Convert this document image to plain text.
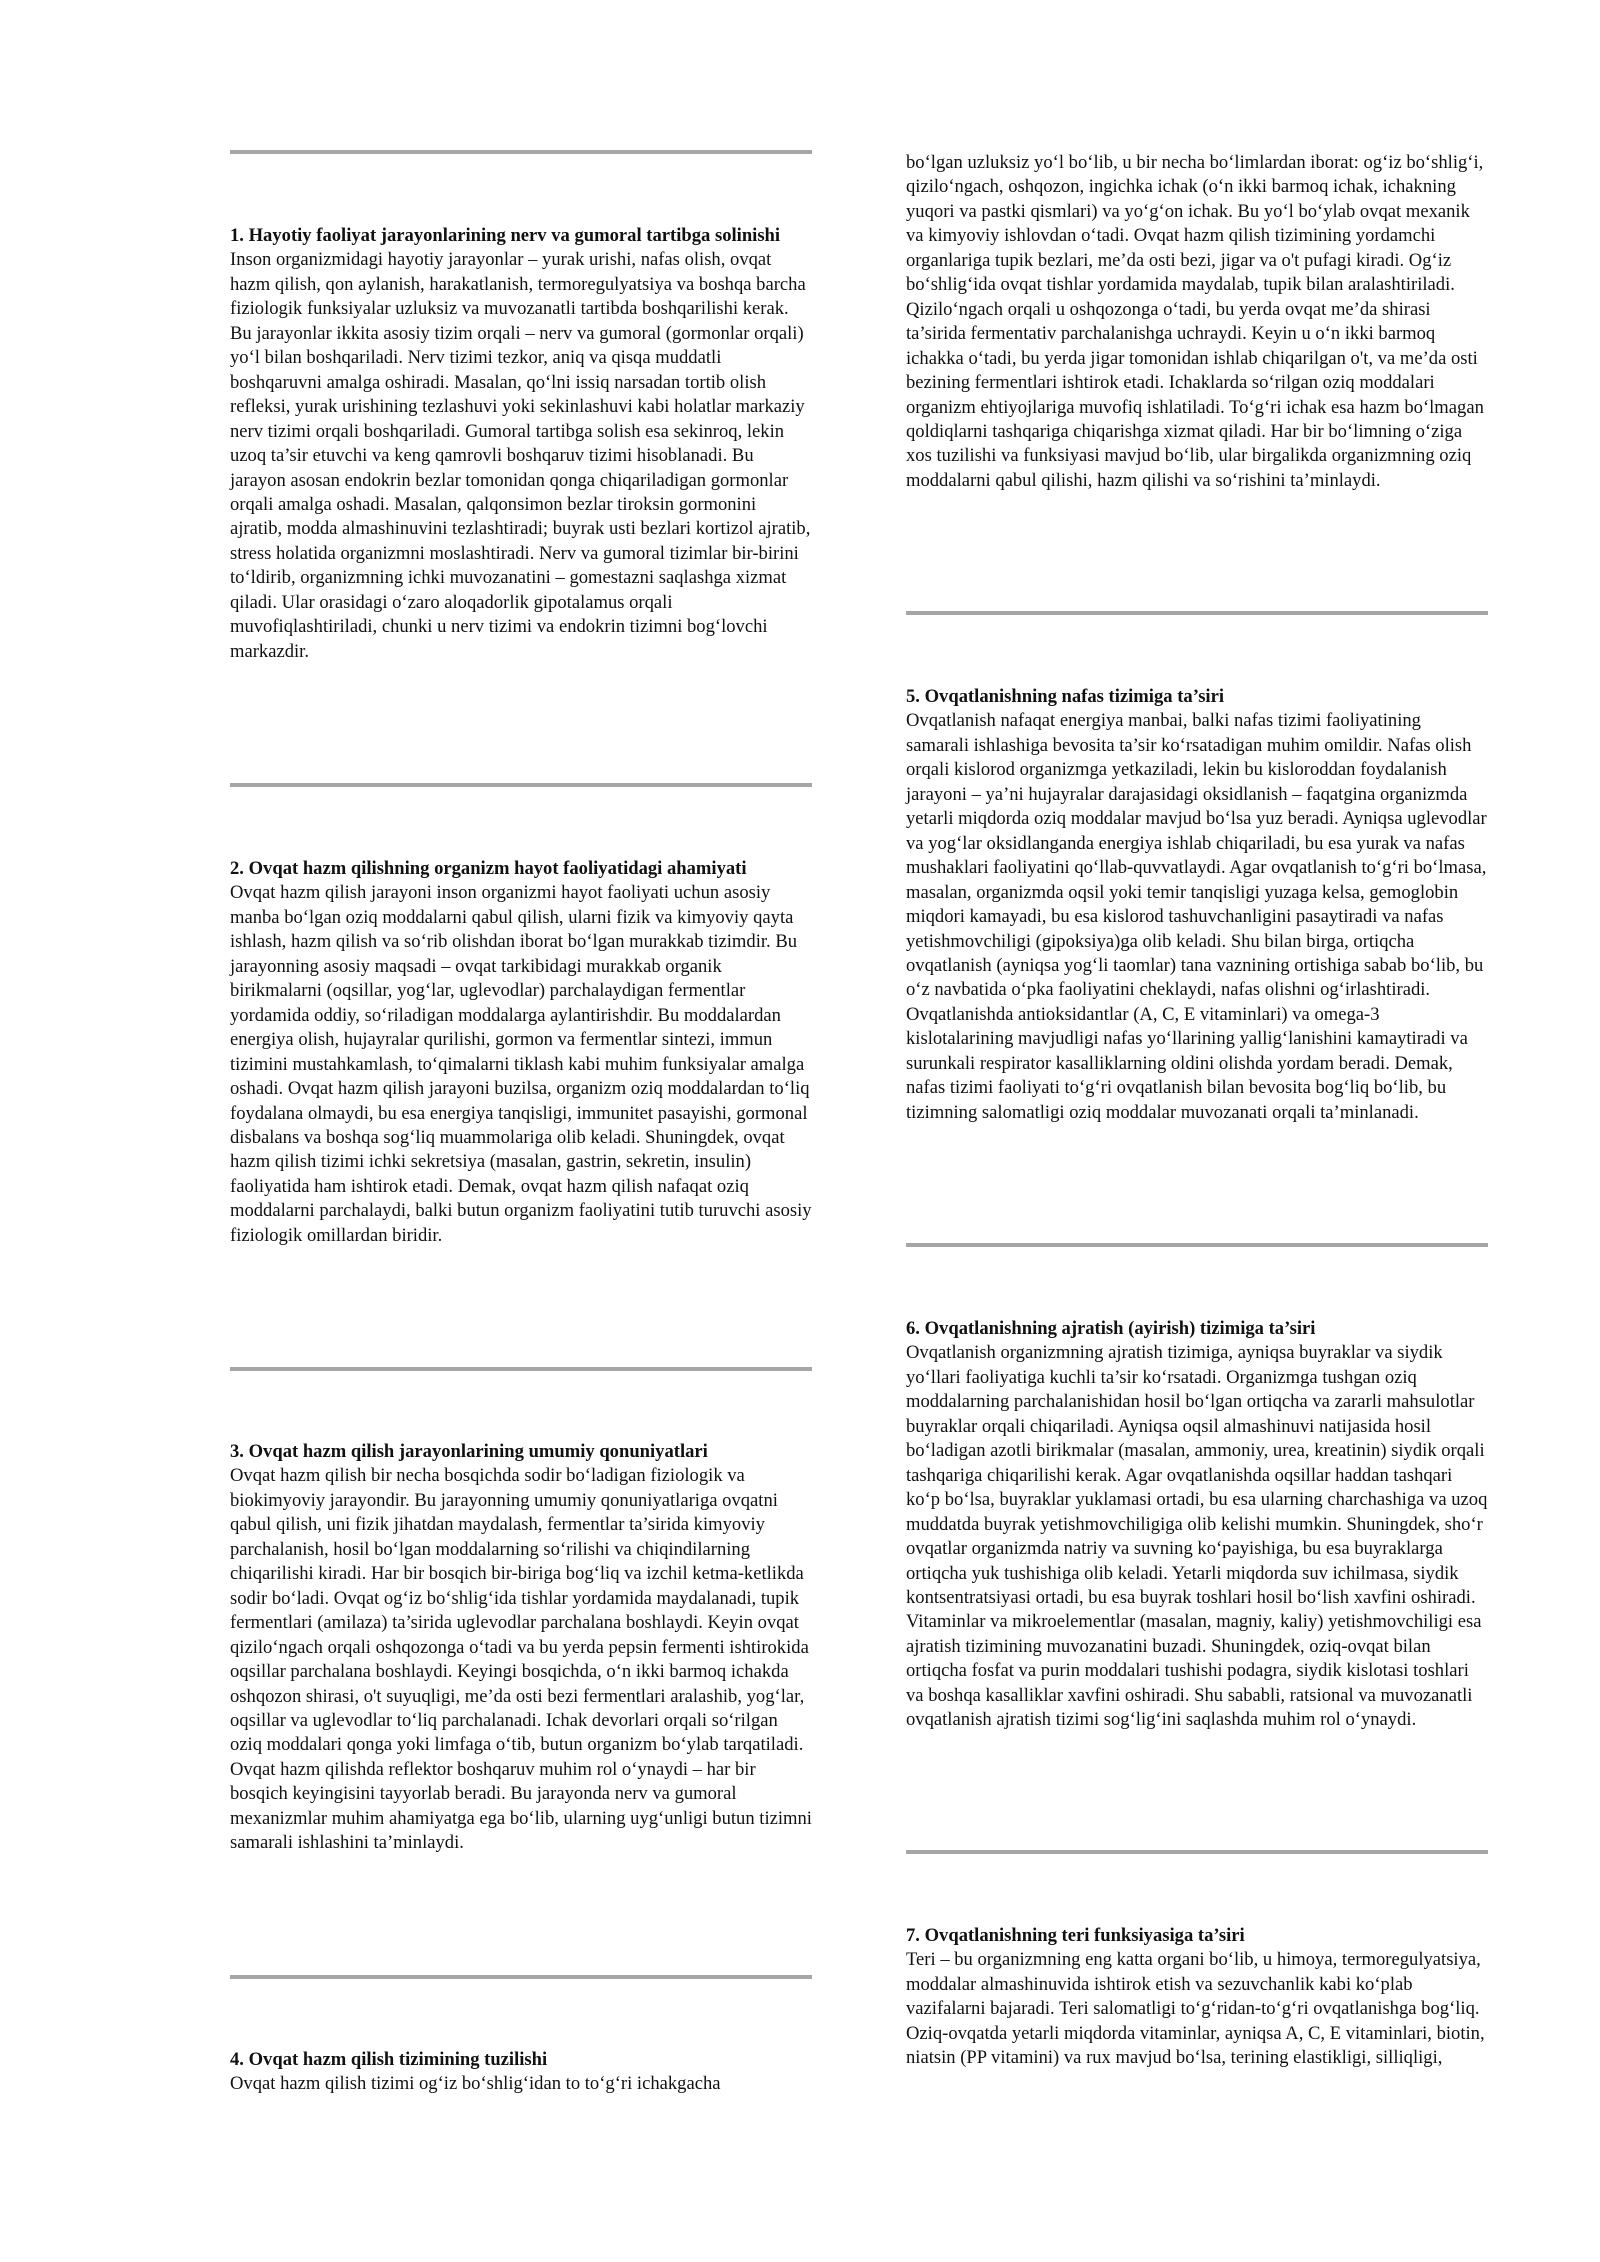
1. Hayotiy faoliyat jarayonlarining nerv va gumoral tartibga solinishi
Inson organizmidagi hayotiy jarayonlar – yurak urishi, nafas olish, ovqat hazm qilish, qon aylanish, harakatlanish, termoregulyatsiya va boshqa barcha fiziologik funksiyalar uzluksiz va muvozanatli tartibda boshqarilishi kerak. Bu jarayonlar ikkita asosiy tizim orqali – nerv va gumoral (gormonlar orqali) yo‘l bilan boshqariladi. Nerv tizimi tezkor, aniq va qisqa muddatli boshqaruvni amalga oshiradi. Masalan, qo‘lni issiq narsadan tortib olish refleksi, yurak urishining tezlashuvi yoki sekinlashuvi kabi holatlar markaziy nerv tizimi orqali boshqariladi. Gumoral tartibga solish esa sekinroq, lekin uzoq ta’sir etuvchi va keng qamrovli boshqaruv tizimi hisoblanadi. Bu jarayon asosan endokrin bezlar tomonidan qonga chiqariladigan gormonlar orqali amalga oshadi. Masalan, qalqonsimon bezlar tiroksin gormonini ajratib, modda almashinuvini tezlashtiradi; buyrak usti bezlari kortizol ajratib, stress holatida organizmni moslashtiradi. Nerv va gumoral tizimlar bir-birini to‘ldirib, organizmning ichki muvozanatini – gomestazni saqlashga xizmat qiladi. Ular orasidagi o‘zaro aloqadorlik gipotalamus orqali muvofiqlashtiriladi, chunki u nerv tizimi va endokrin tizimni bog‘lovchi markazdir.

2. Ovqat hazm qilishning organizm hayot faoliyatidagi ahamiyati
Ovqat hazm qilish jarayoni inson organizmi hayot faoliyati uchun asosiy manba bo‘lgan oziq moddalarni qabul qilish, ularni fizik va kimyoviy qayta ishlash, hazm qilish va so‘rib olishdan iborat bo‘lgan murakkab tizimdir. Bu jarayonning asosiy maqsadi – ovqat tarkibidagi murakkab organik birikmalarni (oqsillar, yog‘lar, uglevodlar) parchalaydigan fermentlar yordamida oddiy, so‘riladigan moddalarga aylantirishdir. Bu moddalardan energiya olish, hujayralar qurilishi, gormon va fermentlar sintezi, immun tizimini mustahkamlash, to‘qimalarni tiklash kabi muhim funksiyalar amalga oshadi. Ovqat hazm qilish jarayoni buzilsa, organizm oziq moddalardan to‘liq foydalana olmaydi, bu esa energiya tanqisligi, immunitet pasayishi, gormonal disbalans va boshqa sog‘liq muammolariga olib keladi. Shuningdek, ovqat hazm qilish tizimi ichki sekretsiya (masalan, gastrin, sekretin, insulin) faoliyatida ham ishtirok etadi. Demak, ovqat hazm qilish nafaqat oziq moddalarni parchalaydi, balki butun organizm faoliyatini tutib turuvchi asosiy fiziologik omillardan biridir.

3. Ovqat hazm qilish jarayonlarining umumiy qonuniyatlari
Ovqat hazm qilish bir necha bosqichda sodir bo‘ladigan fiziologik va biokimyoviy jarayondir. Bu jarayonning umumiy qonuniyatlariga ovqatni qabul qilish, uni fizik jihatdan maydalash, fermentlar ta’sirida kimyoviy parchalanish, hosil bo‘lgan moddalarning so‘rilishi va chiqindilarning chiqarilishi kiradi. Har bir bosqich bir-biriga bog‘liq va izchil ketma-ketlikda sodir bo‘ladi. Ovqat og‘iz bo‘shlig‘ida tishlar yordamida maydalanadi, tupik fermentlari (amilaza) ta’sirida uglevodlar parchalana boshlaydi. Keyin ovqat qizilo‘ngach orqali oshqozonga o‘tadi va bu yerda pepsin fermenti ishtirokida oqsillar parchalana boshlaydi. Keyingi bosqichda, o‘n ikki barmoq ichakda oshqozon shirasi, o't suyuqligi, me’da osti bezi fermentlari aralashib, yog‘lar, oqsillar va uglevodlar to‘liq parchalanadi. Ichak devorlari orqali so‘rilgan oziq moddalari qonga yoki limfaga o‘tib, butun organizm bo‘ylab tarqatiladi. Ovqat hazm qilishda reflektor boshqaruv muhim rol o‘ynaydi – har bir bosqich keyingisini tayyorlab beradi. Bu jarayonda nerv va gumoral mexanizmlar muhim ahamiyatga ega bo‘lib, ularning uyg‘unligi butun tizimni samarali ishlashini ta’minlaydi.

4. Ovqat hazm qilish tizimining tuzilishi
Ovqat hazm qilish tizimi og‘iz bo‘shlig‘idan to to‘g‘ri ichakgacha

bo‘lgan uzluksiz yo‘l bo‘lib, u bir necha bo‘limlardan iborat: og‘iz bo‘shlig‘i, qizilo‘ngach, oshqozon, ingichka ichak (o‘n ikki barmoq ichak, ichakning yuqori va pastki qismlari) va yo‘g‘on ichak. Bu yo‘l bo‘ylab ovqat mexanik va kimyoviy ishlovdan o‘tadi. Ovqat hazm qilish tizimining yordamchi organlariga tupik bezlari, me’da osti bezi, jigar va o't pufagi kiradi. Og‘iz bo‘shlig‘ida ovqat tishlar yordamida maydalab, tupik bilan aralashtiriladi. Qizilo‘ngach orqali u oshqozonga o‘tadi, bu yerda ovqat me’da shirasi ta’sirida fermentativ parchalanishga uchraydi. Keyin u o‘n ikki barmoq ichakka o‘tadi, bu yerda jigar tomonidan ishlab chiqarilgan o't, va me’da osti bezining fermentlari ishtirok etadi. Ichaklarda so‘rilgan oziq moddalari organizm ehtiyojlariga muvofiq ishlatiladi. To‘g‘ri ichak esa hazm bo‘lmagan qoldiqlarni tashqariga chiqarishga xizmat qiladi. Har bir bo‘limning o‘ziga xos tuzilishi va funksiyasi mavjud bo‘lib, ular birgalikda organizmning oziq moddalarni qabul qilishi, hazm qilishi va so‘rishini ta’minlaydi.

5. Ovqatlanishning nafas tizimiga ta’siri
Ovqatlanish nafaqat energiya manbai, balki nafas tizimi faoliyatining samarali ishlashiga bevosita ta’sir ko‘rsatadigan muhim omildir. Nafas olish orqali kislorod organizmga yetkaziladi, lekin bu kisloroddan foydalanish jarayoni – ya’ni hujayralar darajasidagi oksidlanish – faqatgina organizmda yetarli miqdorda oziq moddalar mavjud bo‘lsa yuz beradi. Ayniqsa uglevodlar va yog‘lar oksidlanganda energiya ishlab chiqariladi, bu esa yurak va nafas mushaklari faoliyatini qo‘llab-quvvatlaydi. Agar ovqatlanish to‘g‘ri bo‘lmasa, masalan, organizmda oqsil yoki temir tanqisligi yuzaga kelsa, gemoglobin miqdori kamayadi, bu esa kislorod tashuvchanligini pasaytiradi va nafas yetishmovchiligi (gipoksiya)ga olib keladi. Shu bilan birga, ortiqcha ovqatlanish (ayniqsa yog‘li taomlar) tana vaznining ortishiga sabab bo‘lib, bu o‘z navbatida o‘pka faoliyatini cheklaydi, nafas olishni og‘irlashtiradi. Ovqatlanishda antioksidantlar (A, C, E vitaminlari) va omega-3 kislotalarining mavjudligi nafas yo‘llarining yallig‘lanishini kamaytiradi va surunkali respirator kasalliklarning oldini olishda yordam beradi. Demak, nafas tizimi faoliyati to‘g‘ri ovqatlanish bilan bevosita bog‘liq bo‘lib, bu tizimning salomatligi oziq moddalar muvozanati orqali ta’minlanadi.

6. Ovqatlanishning ajratish (ayirish) tizimiga ta’siri
Ovqatlanish organizmning ajratish tizimiga, ayniqsa buyraklar va siydik yo‘llari faoliyatiga kuchli ta’sir ko‘rsatadi. Organizmga tushgan oziq moddalarning parchalanishidan hosil bo‘lgan ortiqcha va zararli mahsulotlar buyraklar orqali chiqariladi. Ayniqsa oqsil almashinuvi natijasida hosil bo‘ladigan azotli birikmalar (masalan, ammoniy, urea, kreatinin) siydik orqali tashqariga chiqarilishi kerak. Agar ovqatlanishda oqsillar haddan tashqari ko‘p bo‘lsa, buyraklar yuklamasi ortadi, bu esa ularning charchashiga va uzoq muddatda buyrak yetishmovchiligiga olib kelishi mumkin. Shuningdek, sho‘r ovqatlar organizmda natriy va suvning ko‘payishiga, bu esa buyraklarga ortiqcha yuk tushishiga olib keladi. Yetarli miqdorda suv ichilmasa, siydik kontsentratsiyasi ortadi, bu esa buyrak toshlari hosil bo‘lish xavfini oshiradi. Vitaminlar va mikroelementlar (masalan, magniy, kaliy) yetishmovchiligi esa ajratish tizimining muvozanatini buzadi. Shuningdek, oziq-ovqat bilan ortiqcha fosfat va purin moddalari tushishi podagra, siydik kislotasi toshlari va boshqa kasalliklar xavfini oshiradi. Shu sababli, ratsional va muvozanatli ovqatlanish ajratish tizimi sog‘lig‘ini saqlashda muhim rol o‘ynaydi.

7. Ovqatlanishning teri funksiyasiga ta’siri
Teri – bu organizmning eng katta organi bo‘lib, u himoya, termoregulyatsiya, moddalar almashinuvida ishtirok etish va sezuvchanlik kabi ko‘plab vazifalarni bajaradi. Teri salomatligi to‘g‘ridan-to‘g‘ri ovqatlanishga bog‘liq. Oziq-ovqatda yetarli miqdorda vitaminlar, ayniqsa A, C, E vitaminlari, biotin, niatsin (PP vitamini) va rux mavjud bo‘lsa, terining elastikligi, silliqligi,
